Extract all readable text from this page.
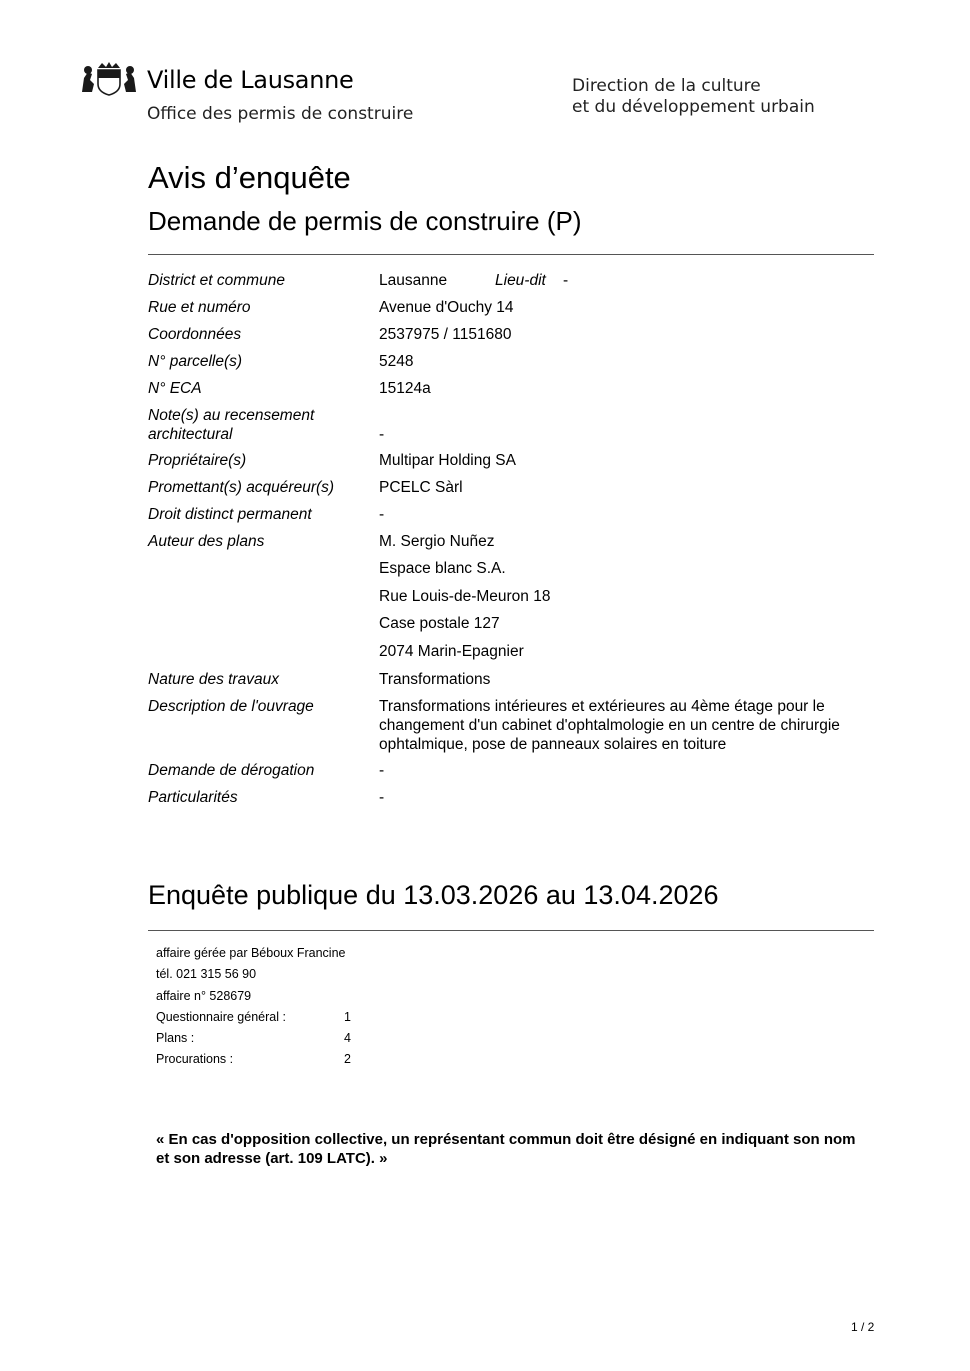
Ville de Lausanne
Office des permis de construire
Direction de la culture
et du développement urbain
Avis d’enquête
Demande de permis de construire (P)
District et commune	Lausanne	Lieu-dit -
Rue et numéro	Avenue d'Ouchy 14
Coordonnées	2537975 / 1151680
N° parcelle(s)	5248
N° ECA	15124a
Note(s) au recensement
architectural	-
Propriétaire(s)	Multipar Holding SA
Promettant(s) acquéreur(s)	PCELC Sàrl
Droit distinct permanent	-
Auteur des plans	M. Sergio Nuñez
Espace blanc S.A.
Rue Louis-de-Meuron 18
Case postale 127
2074 Marin-Epagnier
Nature des travaux	Transformations
Description de l'ouvrage	Transformations intérieures et extérieures au 4ème étage pour le changement d'un cabinet d'ophtalmologie en un centre de chirurgie ophtalmique, pose de panneaux solaires en toiture
Demande de dérogation	-
Particularités	-
Enquête publique du 13.03.2026 au 13.04.2026
affaire gérée par Béboux Francine
tél. 021 315 56 90
affaire n° 528679
Questionnaire général :	1
Plans :	4
Procurations :	2
« En cas d'opposition collective, un représentant commun doit être désigné en indiquant son nom et son adresse (art. 109 LATC). »
1 / 2
